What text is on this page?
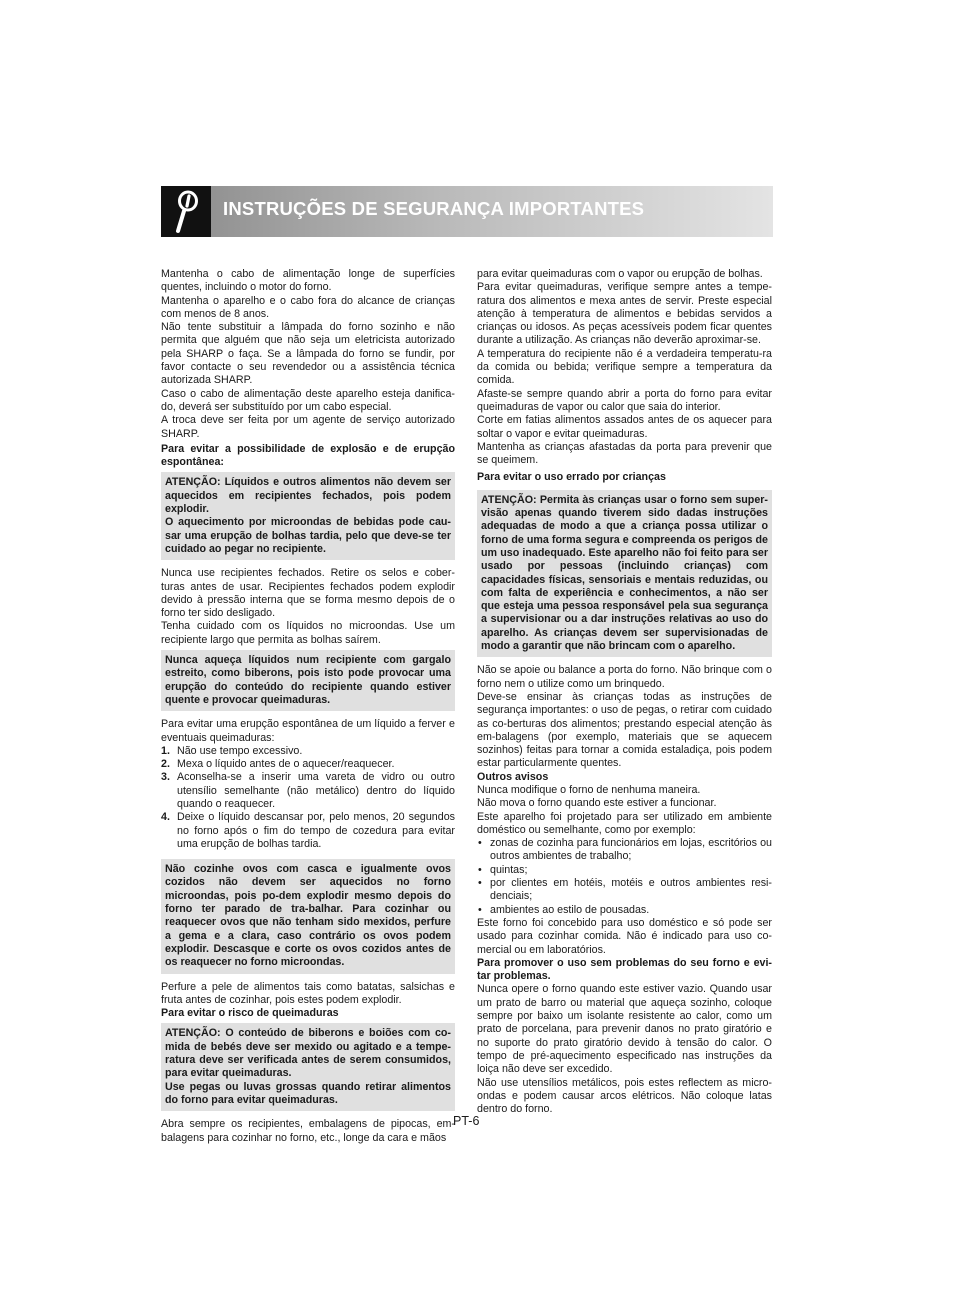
INSTRUÇÕES DE SEGURANÇA IMPORTANTES

Mantenha o cabo de alimentação longe de superfícies quentes, incluindo o motor do forno.

Mantenha o aparelho e o cabo fora do alcance de crianças com menos de 8 anos.

Não tente substituir a lâmpada do forno sozinho e não permita que alguém que não seja um eletricista autorizado pela SHARP o faça. Se a lâmpada do forno se fundir, por favor contacte o seu revendedor ou a assistência técnica autorizada SHARP.

Caso o cabo de alimentação deste aparelho esteja danifica-do, deverá ser substituído por um cabo especial.

A troca deve ser feita por um agente de serviço autorizado SHARP.

Para evitar a possibilidade de explosão e de erupção espontânea:

ATENÇÃO: Líquidos e outros alimentos não devem ser aquecidos em recipientes fechados, pois podem explodir.

O aquecimento por microondas de bebidas pode cau-sar uma erupção de bolhas tardia, pelo que deve-se ter cuidado ao pegar no recipiente.

Nunca use recipientes fechados. Retire os selos e cober-turas antes de usar. Recipientes fechados podem explodir devido à pressão interna que se forma mesmo depois de o forno ter sido desligado.

Tenha cuidado com os líquidos no microondas. Use um recipiente largo que permita as bolhas saírem.

Nunca aqueça líquidos num recipiente com gargalo estreito, como biberons, pois isto pode provocar uma erupção do conteúdo do recipiente quando estiver quente e provocar queimaduras.

Para evitar uma erupção espontânea de um líquido a ferver e eventuais queimaduras:

1. Não use tempo excessivo.
2. Mexa o líquido antes de o aquecer/reaquecer.
3. Aconselha-se a inserir uma vareta de vidro ou outro utensílio semelhante (não metálico) dentro do líquido quando o reaquecer.
4. Deixe o líquido descansar por, pelo menos, 20 segundos no forno após o fim do tempo de cozedura para evitar uma erupção de bolhas tardia.

Não cozinhe ovos com casca e igualmente ovos cozidos não devem ser aquecidos no forno microondas, pois po-dem explodir mesmo depois do forno ter parado de tra-balhar. Para cozinhar ou reaquecer ovos que não tenham sido mexidos, perfure a gema e a clara, caso contrário os ovos podem explodir. Descasque e corte os ovos cozidos antes de os reaquecer no forno microondas.

Perfure a pele de alimentos tais como batatas, salsichas e fruta antes de cozinhar, pois estes podem explodir.

Para evitar o risco de queimaduras

ATENÇÃO: O conteúdo de biberons e boiões com co-mida de bebés deve ser mexido ou agitado e a tempe-ratura deve ser verificada antes de serem consumidos, para evitar queimaduras.

Use pegas ou luvas grossas quando retirar alimentos do forno para evitar queimaduras.

Abra sempre os recipientes, embalagens de pipocas, em-balagens para cozinhar no forno, etc., longe da cara e mãos

para evitar queimaduras com o vapor ou erupção de bolhas.

Para evitar queimaduras, verifique sempre antes a tempe-ratura dos alimentos e mexa antes de servir. Preste especial atenção à temperatura de alimentos e bebidas servidos a crianças ou idosos. As peças acessíveis podem ficar quentes durante a utilização. As crianças não deverão aproximar-se.

A temperatura do recipiente não é a verdadeira temperatu-ra da comida ou bebida; verifique sempre a temperatura da comida.

Afaste-se sempre quando abrir a porta do forno para evitar queimaduras de vapor ou calor que saia do interior.

Corte em fatias alimentos assados antes de os aquecer para soltar o vapor e evitar queimaduras.

Mantenha as crianças afastadas da porta para prevenir que se queimem.

Para evitar o uso errado por crianças

ATENÇÃO: Permita às crianças usar o forno sem super-visão apenas quando tiverem sido dadas instruções adequadas de modo a que a criança possa utilizar o forno de uma forma segura e compreenda os perigos de um uso inadequado. Este aparelho não foi feito para ser usado por pessoas (incluindo crianças) com capacidades físicas, sensoriais e mentais reduzidas, ou com falta de experiência e conhecimentos, a não ser que esteja uma pessoa responsável pela sua segurança a supervisionar ou a dar instruções relativas ao uso do aparelho. As crianças devem ser supervisionadas de modo a garantir que não brincam com o aparelho.

Não se apoie ou balance a porta do forno. Não brinque com o forno nem o utilize como um brinquedo.

Deve-se ensinar às crianças todas as instruções de segurança importantes: o uso de pegas, o retirar com cuidado as co-berturas dos alimentos; prestando especial atenção às em-balagens (por exemplo, materiais que se aquecem sozinhos) feitas para tornar a comida estaladiça, pois podem estar particularmente quentes.

Outros avisos

Nunca modifique o forno de nenhuma maneira.

Não mova o forno quando este estiver a funcionar.

Este aparelho foi projetado para ser utilizado em ambiente doméstico ou semelhante, como por exemplo:

• zonas de cozinha para funcionários em lojas, escritórios ou outros ambientes de trabalho;
• quintas;
• por clientes em hotéis, motéis e outros ambientes resi-denciais;
• ambientes ao estilo de pousadas.

Este forno foi concebido para uso doméstico e só pode ser usado para cozinhar comida. Não é indicado para uso co-mercial ou em laboratórios.

Para promover o uso sem problemas do seu forno e evi-tar problemas.

Nunca opere o forno quando este estiver vazio. Quando usar um prato de barro ou material que aqueça sozinho, coloque sempre por baixo um isolante resistente ao calor, como um prato de porcelana, para prevenir danos no prato giratório e no suporte do prato giratório devido à tensão do calor. O tempo de pré-aquecimento especificado nas instruções da loiça não deve ser excedido.

Não use utensílios metálicos, pois estes reflectem as micro-ondas e podem causar arcos elétricos. Não coloque latas dentro do forno.

PT-6
